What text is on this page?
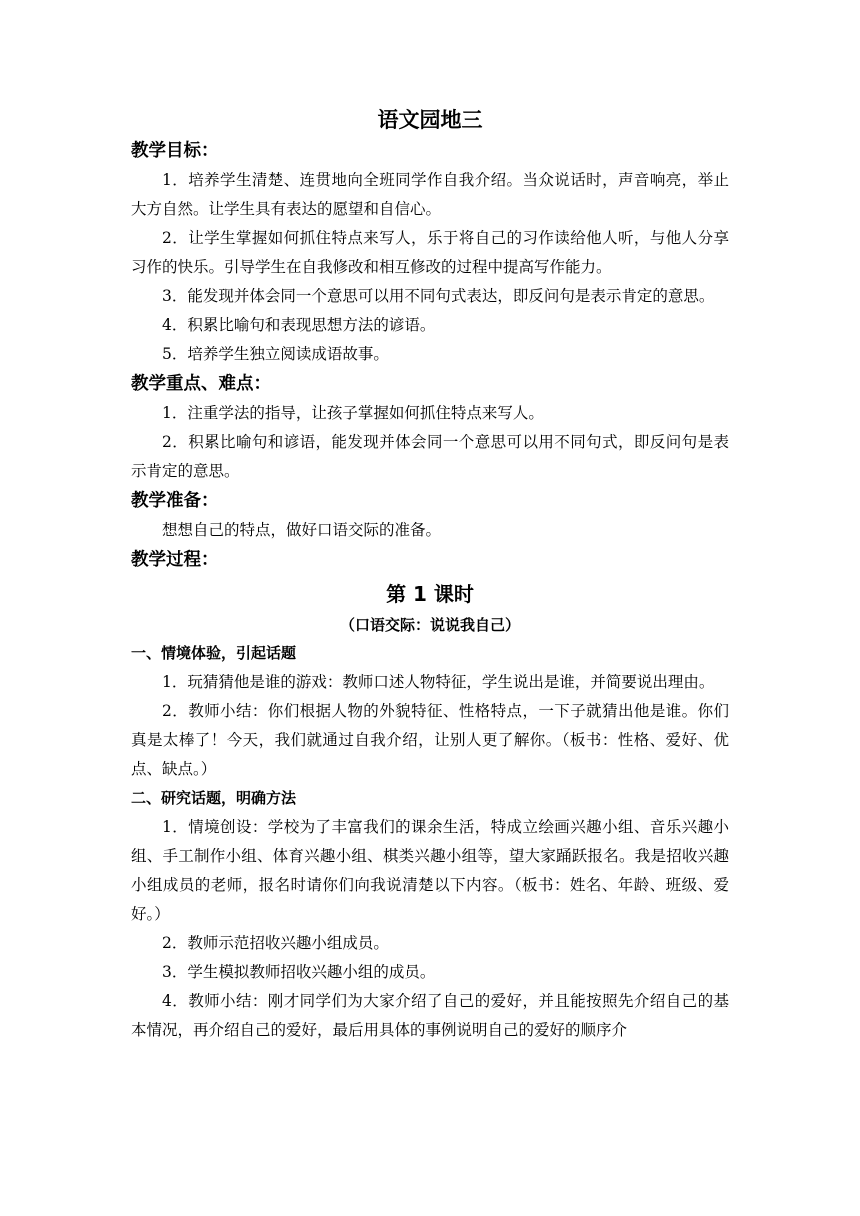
语文园地三
教学目标：

1．培养学生清楚、连贯地向全班同学作自我介绍。当众说话时，声音响亮，举止大方自然。让学生具有表达的愿望和自信心。

2．让学生掌握如何抓住特点来写人，乐于将自己的习作读给他人听，与他人分享习作的快乐。引导学生在自我修改和相互修改的过程中提高写作能力。

3．能发现并体会同一个意思可以用不同句式表达，即反问句是表示肯定的意思。

4．积累比喻句和表现思想方法的谚语。

5．培养学生独立阅读成语故事。

教学重点、难点：

1．注重学法的指导，让孩子掌握如何抓住特点来写人。

2．积累比喻句和谚语，能发现并体会同一个意思可以用不同句式，即反问句是表示肯定的意思。

教学准备：

想想自己的特点，做好口语交际的准备。

教学过程：
第 1 课时
（口语交际：说说我自己）
一、情境体验，引起话题

1．玩猜猜他是谁的游戏：教师口述人物特征，学生说出是谁，并简要说出理由。

2．教师小结：你们根据人物的外貌特征、性格特点，一下子就猜出他是谁。你们真是太棒了！今天，我们就通过自我介绍，让别人更了解你。（板书：性格、爱好、优点、缺点。）

二、研究话题，明确方法

1．情境创设：学校为了丰富我们的课余生活，特成立绘画兴趣小组、音乐兴趣小组、手工制作小组、体育兴趣小组、棋类兴趣小组等，望大家踊跃报名。我是招收兴趣小组成员的老师，报名时请你们向我说清楚以下内容。（板书：姓名、年龄、班级、爱好。）

2．教师示范招收兴趣小组成员。

3．学生模拟教师招收兴趣小组的成员。

4．教师小结：刚才同学们为大家介绍了自己的爱好，并且能按照先介绍自己的基本情况，再介绍自己的爱好，最后用具体的事例说明自己的爱好的顺序介
